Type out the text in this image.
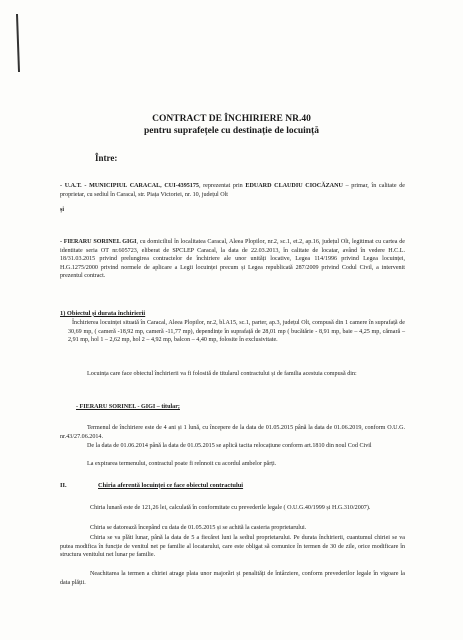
CONTRACT DE ÎNCHIRIERE NR.40
pentru suprafețele cu destinație de locuință
Între:
- U.A.T. - MUNICIPIUL CARACAL, CUI-4395175, reprezentat prin EDUARD CLAUDIU CIOCĂZANU – primar, în calitate de proprietar, cu sediul în Caracal, str. Piața Victoriei, nr. 10, județul Olt
și
- FIERARU SORINEL GIGI, cu domiciliul în localitatea Caracal, Aleea Plopilor, nr.2, sc.1, et.2, ap.16, județul Olt, legitimat cu cartea de identitate seria OT nr.605723, eliberat de SPCLEP Caracal, la data de 22.03.2013, în calitate de locatar, având în vedere H.C.L. 18/31.03.2015 privind prelungirea contractelor de închiriere ale unor unități locative, Legea 114/1996 privind Legea locuinței, H.G.1275/2000 privind normele de aplicare a Legii locuinței precum și Legea republicată 287/2009 privind Codul Civil, a intervenit prezentul contract.
1) Obiectul și durata închirierii
Închirierea locuinței situată în Caracal, Aleea Plopilor, nr.2, bl.A15, sc.1, parter, ap.3, județul Olt, compusă din 1 camere în suprafață de 30,69 mp, ( cameră -18,92 mp, cameră -11,77 mp), dependințe în suprafață de 28,01 mp ( bucătărie - 8,91 mp, baie – 4,25 mp, cămară – 2,91 mp, hol 1 – 2,62 mp, hol 2 – 4,92 mp, balcon – 4,40 mp, folosite în exclusivitate.
Locuința care face obiectul închirierii va fi folosită de titularul contractului și de familia acestuia compusă din:
- FIERARU SORINEL - GIGI – titular;
Termenul de închiriere este de 4 ani și 1 lună, cu începere de la data de 01.05.2015 până la data de 01.06.2019, conform O.U.G. nr.43/27.06.2014.
De la data de 01.06.2014 până la data de 01.05.2015 se aplică tacita relocațiune conform art.1810 din noul Cod Civil
La expirarea termenului, contractul poate fi reînnoit cu acordul ambelor părți.
II.	Chiria aferentă locuinței ce face obiectul contractului
Chiria lunară este de 121,26 lei, calculată în conformitate cu prevederile legale ( O.U.G.40/1999 și H.G.310/2007).
Chiria se datorează începând cu data de 01.05.2015 și se achită la casieria proprietarului.
Chiria se va plăti lunar, până la data de 5 a fiecărei luni la sediul proprietarului. Pe durata închirierii, cuantumul chiriei se va putea modifica în funcție de venitul net pe familie al locatarului, care este obligat să comunice în termen de 30 de zile, orice modificare în structura venitului net lunar pe familie.
Neachitarea la termen a chiriei atrage plata unor majorări și penalități de întârziere, conform prevederilor legale în vigoare la data plății.
